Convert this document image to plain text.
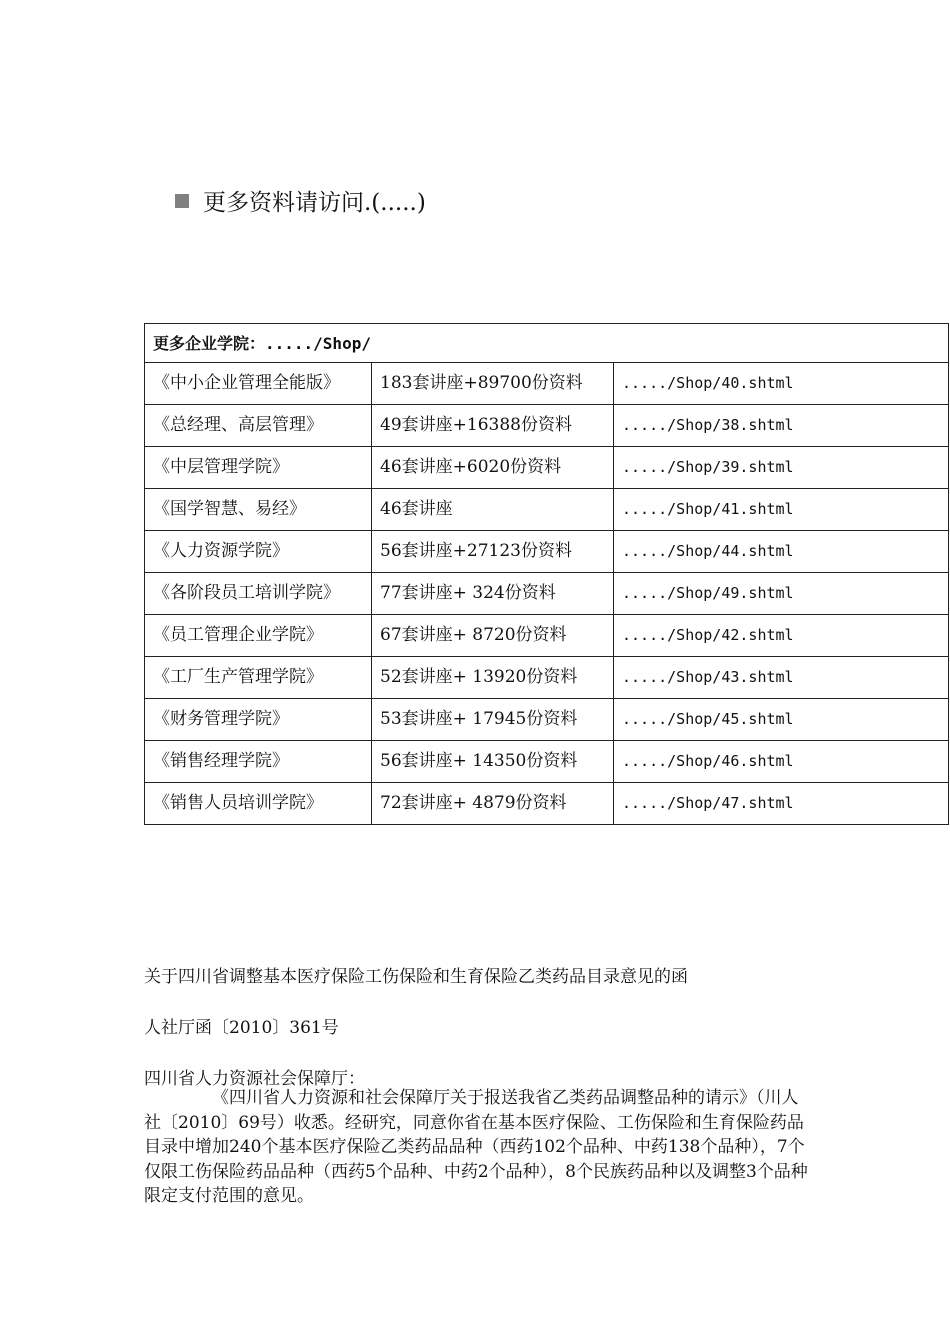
更多资料请访问.(.....)
更多企业学院：...../Shop/		
《中小企业管理全能版》	183套讲座+89700份资料	...../Shop/40.shtml
《总经理、高层管理》	49套讲座+16388份资料	...../Shop/38.shtml
《中层管理学院》	46套讲座+6020份资料	...../Shop/39.shtml
《国学智慧、易经》	46套讲座	...../Shop/41.shtml
《人力资源学院》	56套讲座+27123份资料	...../Shop/44.shtml
《各阶段员工培训学院》	77套讲座+ 324份资料	...../Shop/49.shtml
《员工管理企业学院》	67套讲座+ 8720份资料	...../Shop/42.shtml
《工厂生产管理学院》	52套讲座+ 13920份资料	...../Shop/43.shtml
《财务管理学院》	53套讲座+ 17945份资料	...../Shop/45.shtml
《销售经理学院》	56套讲座+ 14350份资料	...../Shop/46.shtml
《销售人员培训学院》	72套讲座+ 4879份资料	...../Shop/47.shtml
关于四川省调整基本医疗保险工伤保险和生育保险乙类药品目录意见的函
人社厅函〔2010〕361号
四川省人力资源社会保障厅：

《四川省人力资源和社会保障厅关于报送我省乙类药品调整品种的请示》（川人社〔2010〕69号）收悉。经研究，同意你省在基本医疗保险、工伤保险和生育保险药品目录中增加240个基本医疗保险乙类药品品种（西药102个品种、中药138个品种），7个仅限工伤保险药品品种（西药5个品种、中药2个品种），8个民族药品种以及调整3个品种限定支付范围的意见。
